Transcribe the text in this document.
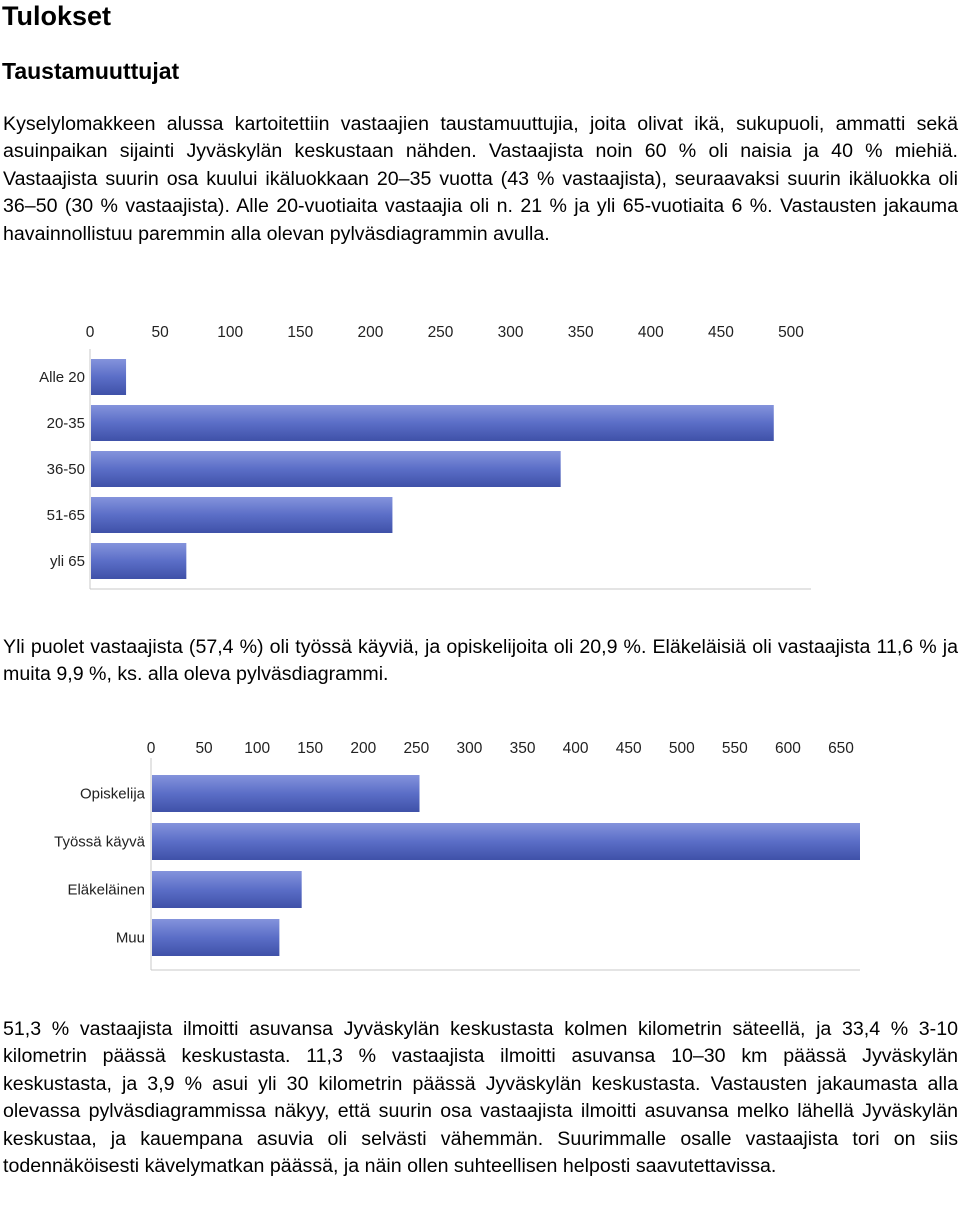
Tulokset
Taustamuuttujat

Kyselylomakkeen alussa kartoitettiin vastaajien taustamuuttujia, joita olivat ikä, sukupuoli, ammatti sekä asuinpaikan sijainti Jyväskylän keskustaan nähden. Vastaajista noin 60 % oli naisia ja 40 % miehiä. Vastaajista suurin osa kuului ikäluokkaan 20–35 vuotta (43 % vastaajista), seuraavaksi suurin ikäluokka oli 36–50 (30 % vastaajista). Alle 20-vuotiaita vastaajia oli n. 21 % ja yli 65-vuotiaita 6 %. Vastausten jakauma havainnollistuu paremmin alla olevan pylväsdiagrammin avulla.

0	50	100	150	200	250	300	350	400	450	500
Alle 20
20-35
36-50
51-65
yli 65

Yli puolet vastaajista (57,4 %) oli työssä käyviä, ja opiskelijoita oli 20,9 %. Eläkeläisiä oli vastaajista 11,6 % ja muita 9,9 %, ks. alla oleva pylväsdiagrammi.

0	50 100 150 200 250 300 350 400 450 500 550 600 650
Opiskelija
Työssä käyvä
Eläkeläinen
Muu

51,3 % vastaajista ilmoitti asuvansa Jyväskylän keskustasta kolmen kilometrin säteellä, ja 33,4 % 3-10 kilometrin päässä keskustasta. 11,3 % vastaajista ilmoitti asuvansa 10–30 km päässä Jyväskylän keskustasta, ja 3,9 % asui yli 30 kilometrin päässä Jyväskylän keskustasta. Vastausten jakaumasta alla olevassa pylväsdiagrammissa näkyy, että suurin osa vastaajista ilmoitti asuvansa melko lähellä Jyväskylän keskustaa, ja kauempana asuvia oli selvästi vähemmän. Suurimmalle osalle vastaajista tori on siis todennäköisesti kävelymatkan päässä, ja näin ollen suhteellisen helposti saavutettavissa.
